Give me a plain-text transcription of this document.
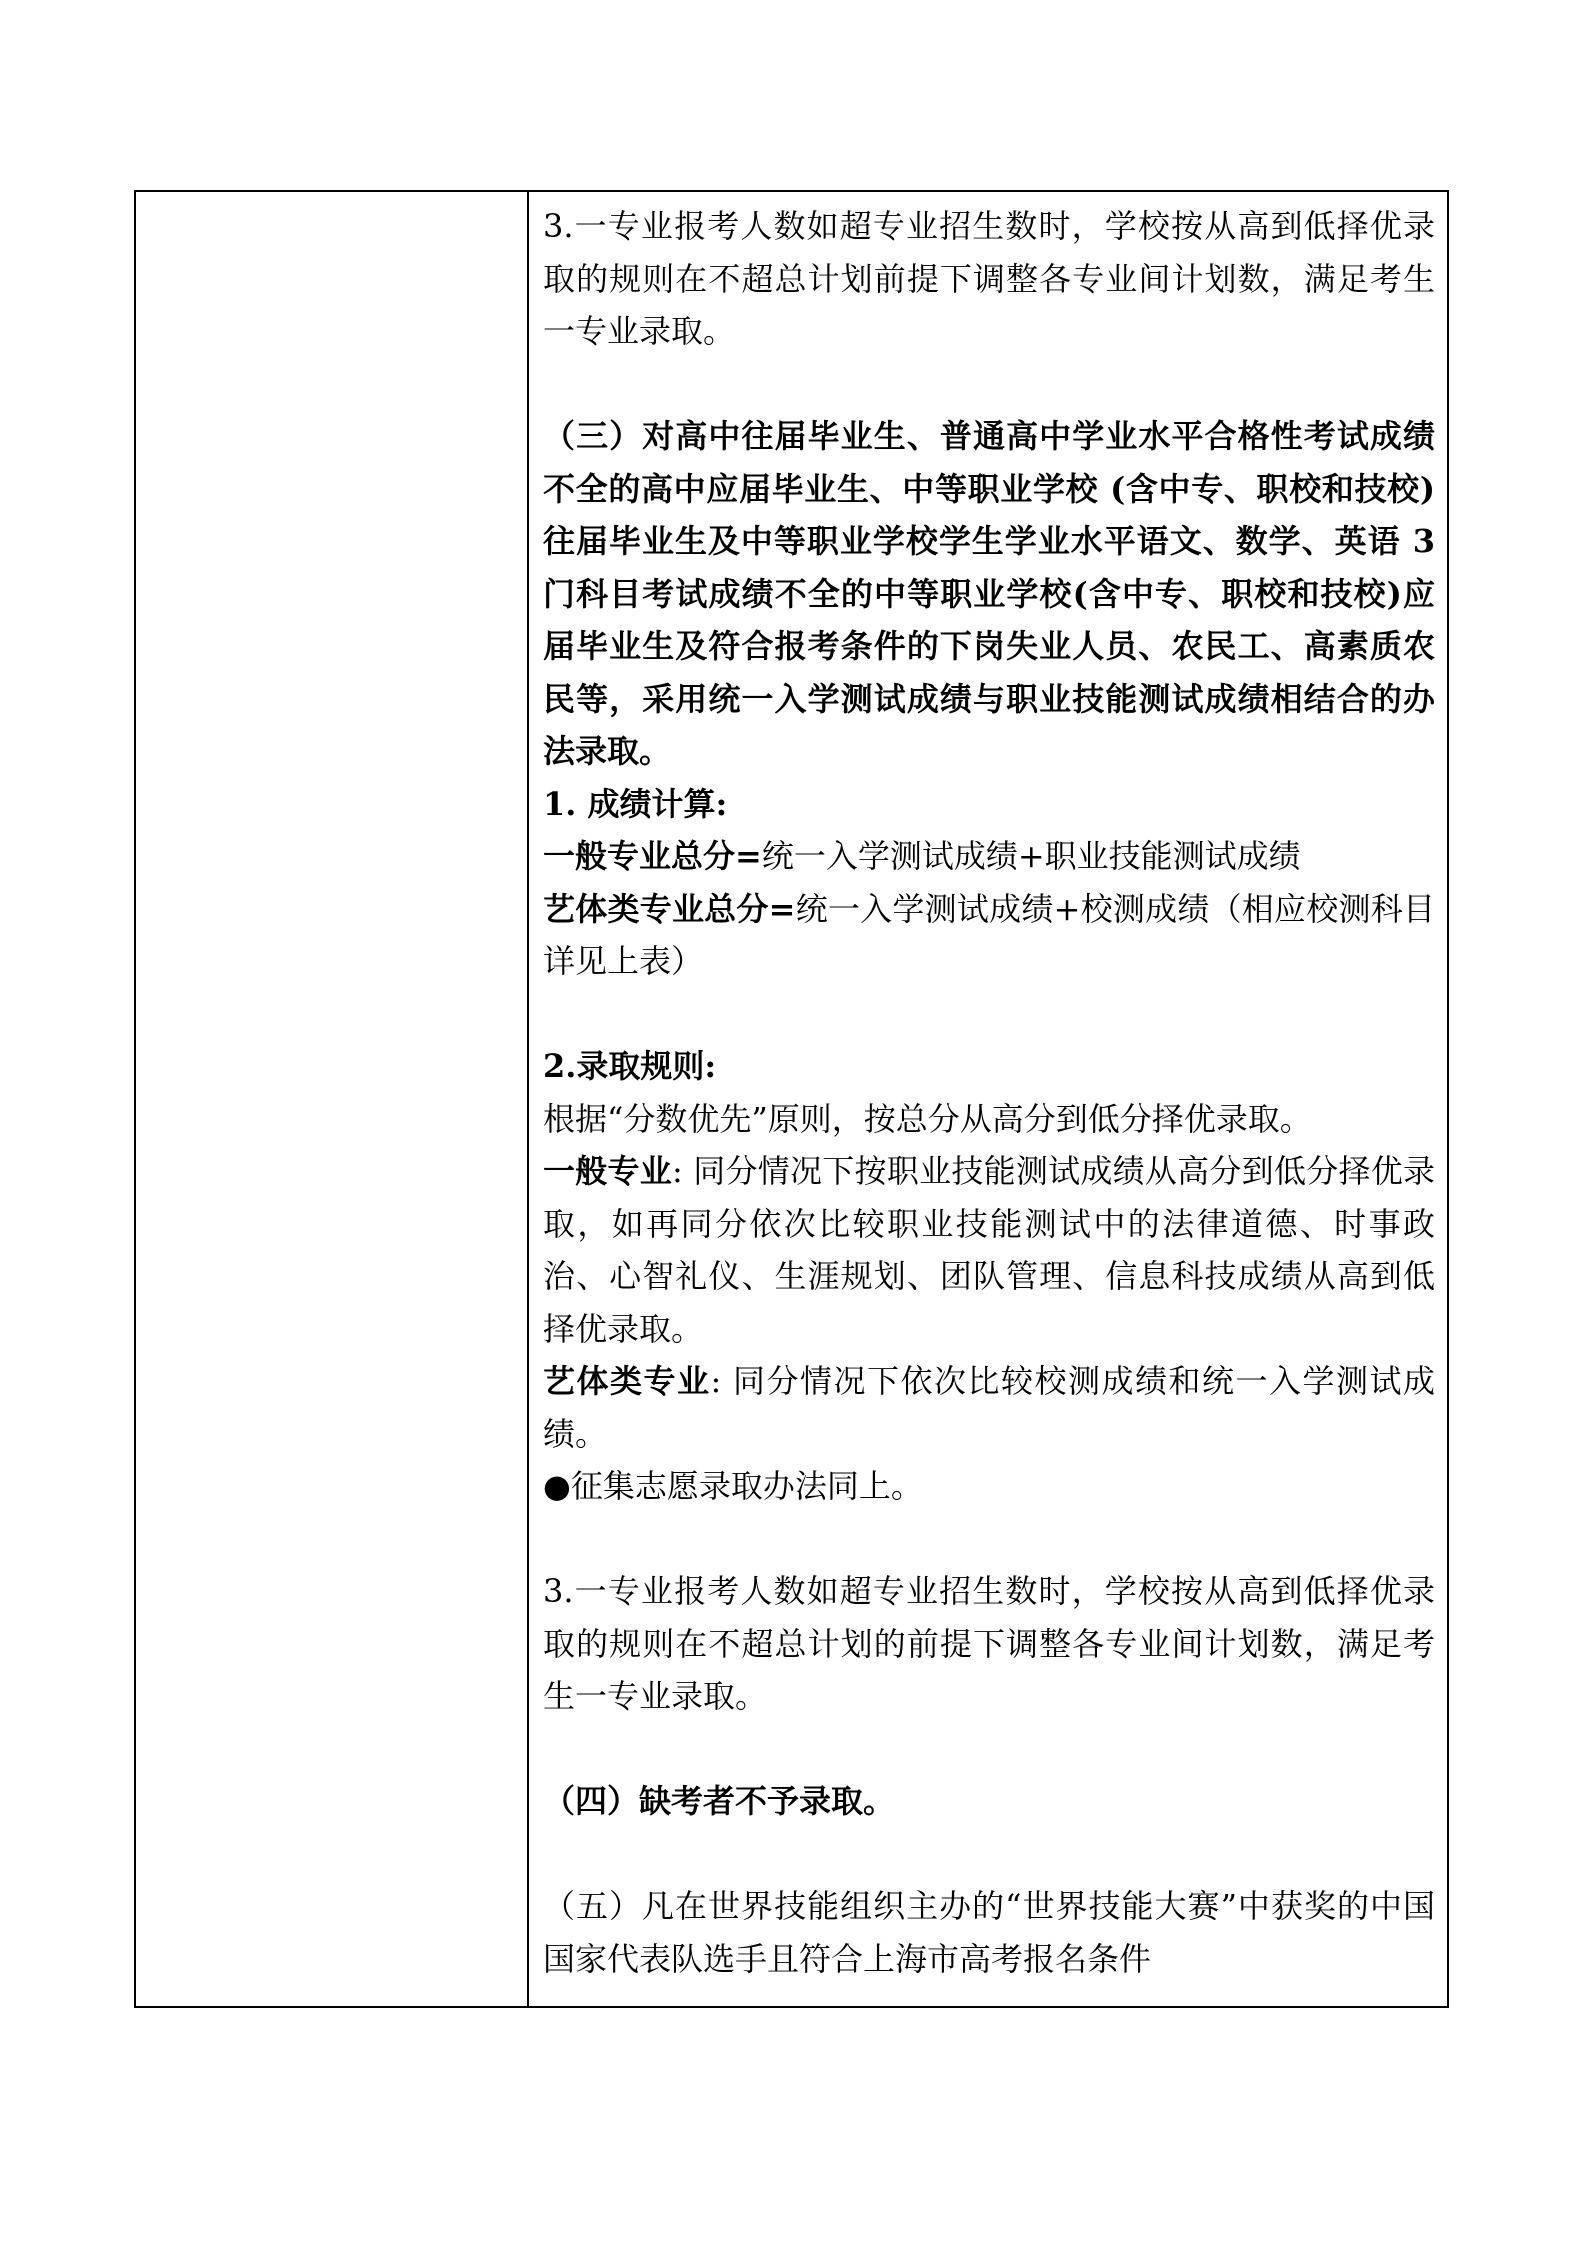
3.一专业报考人数如超专业招生数时，学校按从高到低择优录取的规则在不超总计划前提下调整各专业间计划数，满足考生一专业录取。

（三）对高中往届毕业生、普通高中学业水平合格性考试成绩不全的高中应届毕业生、中等职业学校 (含中专、职校和技校)往届毕业生及中等职业学校学生学业水平语文、数学、英语 3 门科目考试成绩不全的中等职业学校(含中专、职校和技校)应届毕业生及符合报考条件的下岗失业人员、农民工、高素质农民等，采用统一入学测试成绩与职业技能测试成绩相结合的办法录取。

1. 成绩计算:

一般专业总分=统一入学测试成绩+职业技能测试成绩

艺体类专业总分=统一入学测试成绩+校测成绩（相应校测科目详见上表）

2.录取规则:

根据“分数优先”原则，按总分从高分到低分择优录取。

一般专业: 同分情况下按职业技能测试成绩从高分到低分择优录取，如再同分依次比较职业技能测试中的法律道德、时事政治、心智礼仪、生涯规划、团队管理、信息科技成绩从高到低择优录取。

艺体类专业: 同分情况下依次比较校测成绩和统一入学测试成绩。

●征集志愿录取办法同上。

3.一专业报考人数如超专业招生数时，学校按从高到低择优录取的规则在不超总计划的前提下调整各专业间计划数，满足考生一专业录取。

（四）缺考者不予录取。

（五）凡在世界技能组织主办的“世界技能大赛”中获奖的中国国家代表队选手且符合上海市高考报名条件
